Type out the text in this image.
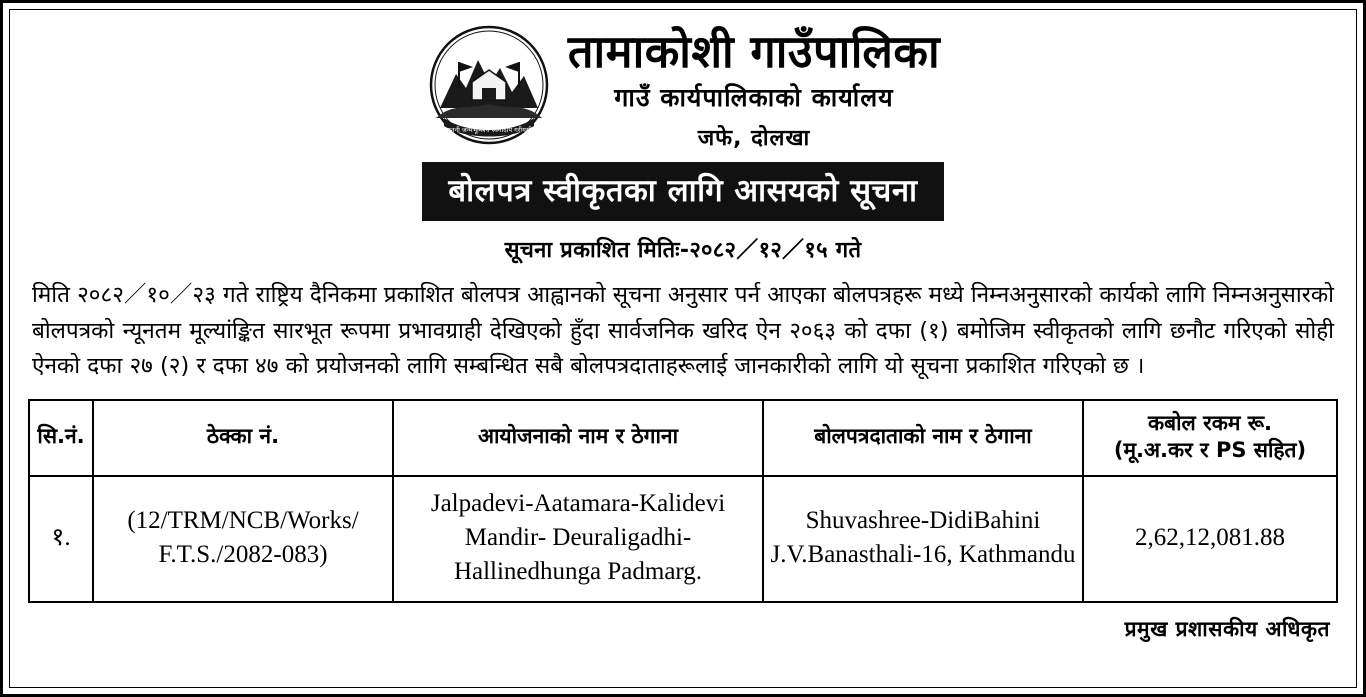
जननी जन्मभूमिश्च स्वर्गादपि गरीयसी
तामाकोशी गाउँपालिका
गाउँ कार्यपालिकाको कार्यालय
जफे, दोलखा
बोलपत्र स्वीकृतका लागि आसयको सूचना
सूचना प्रकाशित मितिः-२०८२／१२／१५ गते
मिति २०८२／१०／२३ गते राष्ट्रिय दैनिकमा प्रकाशित बोलपत्र आह्वानको सूचना अनुसार पर्न आएका बोलपत्रहरू मध्ये निम्नअनुसारको कार्यको लागि निम्नअनुसारको बोलपत्रको न्यूनतम मूल्यांङ्कित सारभूत रूपमा प्रभावग्राही देखिएको हुँदा सार्वजनिक खरिद ऐन २०६३ को दफा (१) बमोजिम स्वीकृतको लागि छनौट गरिएको सोही ऐनको दफा २७ (२) र दफा ४७ को प्रयोजनको लागि सम्बन्धित सबै बोलपत्रदाताहरूलाई जानकारीको लागि यो सूचना प्रकाशित गरिएको छ ।
सि.नं.	ठेक्का नं.	आयोजनाको नाम र ठेगाना	बोलपत्रदाताको नाम र ठेगाना	कबोल रकम रू.
(मू.अ.कर र PS सहित)

१.	(12/TRM/NCB/Works/ F.T.S./2082-083)	Jalpadevi-Aatamara-Kalidevi Mandir- Deuraligadhi- Hallinedhunga Padmarg.	Shuvashree-DidiBahini J.V.Banasthali-16, Kathmandu	2,62,12,081.88
प्रमुख प्रशासकीय अधिकृत
